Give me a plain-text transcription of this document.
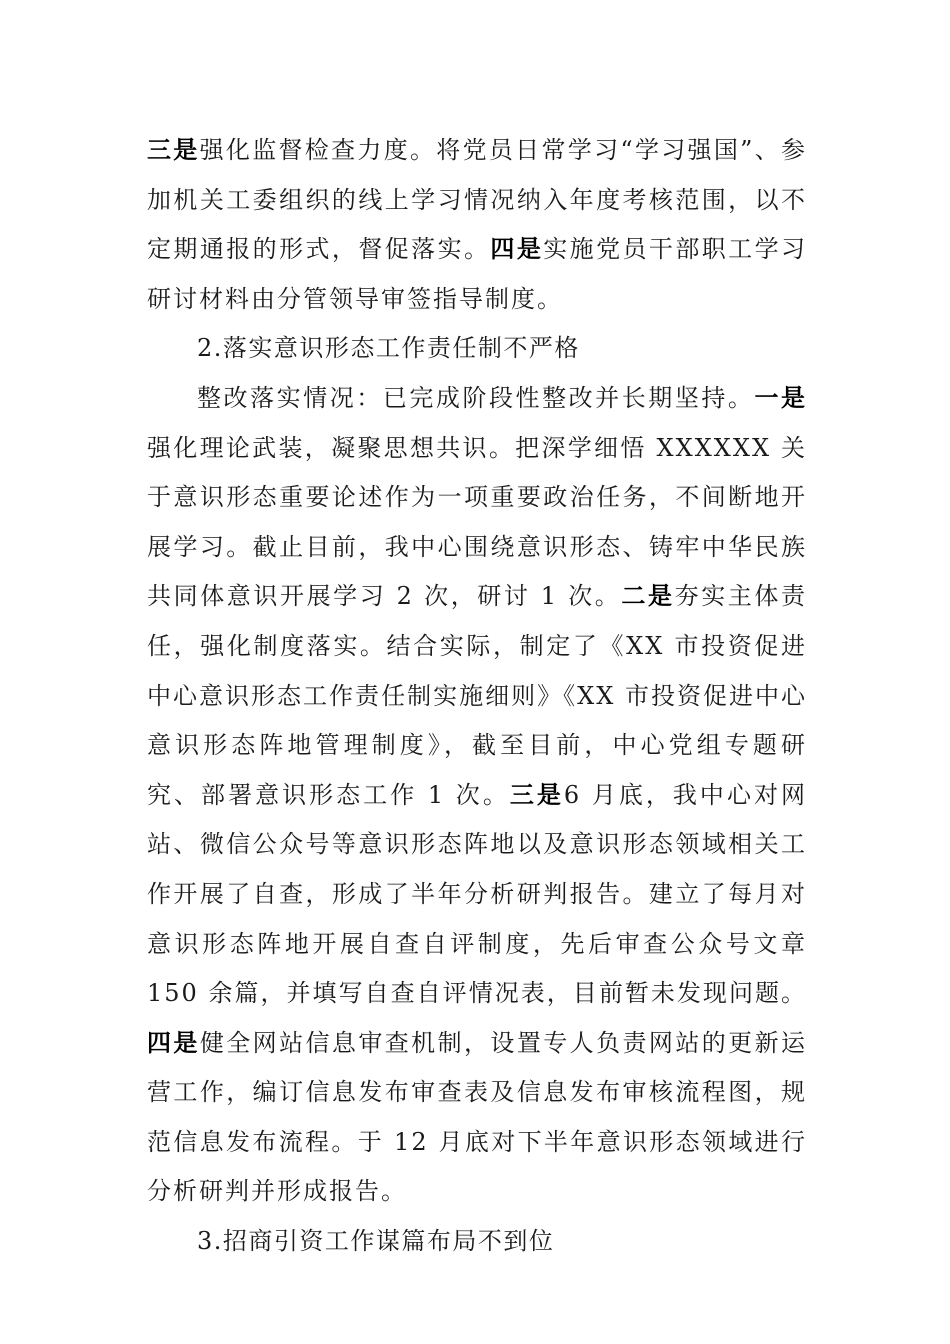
三是强化监督检查力度。将党员日常学习“学习强国”、参加机关工委组织的线上学习情况纳入年度考核范围，以不定期通报的形式，督促落实。四是实施党员干部职工学习研讨材料由分管领导审签指导制度。

2.落实意识形态工作责任制不严格

整改落实情况：已完成阶段性整改并长期坚持。一是强化理论武装，凝聚思想共识。把深学细悟 XXXXXX 关于意识形态重要论述作为一项重要政治任务，不间断地开展学习。截止目前，我中心围绕意识形态、铸牢中华民族共同体意识开展学习 2 次，研讨 1 次。二是夯实主体责任，强化制度落实。结合实际，制定了《XX 市投资促进中心意识形态工作责任制实施细则》《XX 市投资促进中心意识形态阵地管理制度》，截至目前，中心党组专题研究、部署意识形态工作 1 次。三是6 月底，我中心对网站、微信公众号等意识形态阵地以及意识形态领域相关工作开展了自查，形成了半年分析研判报告。建立了每月对意识形态阵地开展自查自评制度，先后审查公众号文章 150 余篇，并填写自查自评情况表，目前暂未发现问题。四是健全网站信息审查机制，设置专人负责网站的更新运营工作，编订信息发布审查表及信息发布审核流程图，规范信息发布流程。于 12 月底对下半年意识形态领域进行分析研判并形成报告。

3.招商引资工作谋篇布局不到位
